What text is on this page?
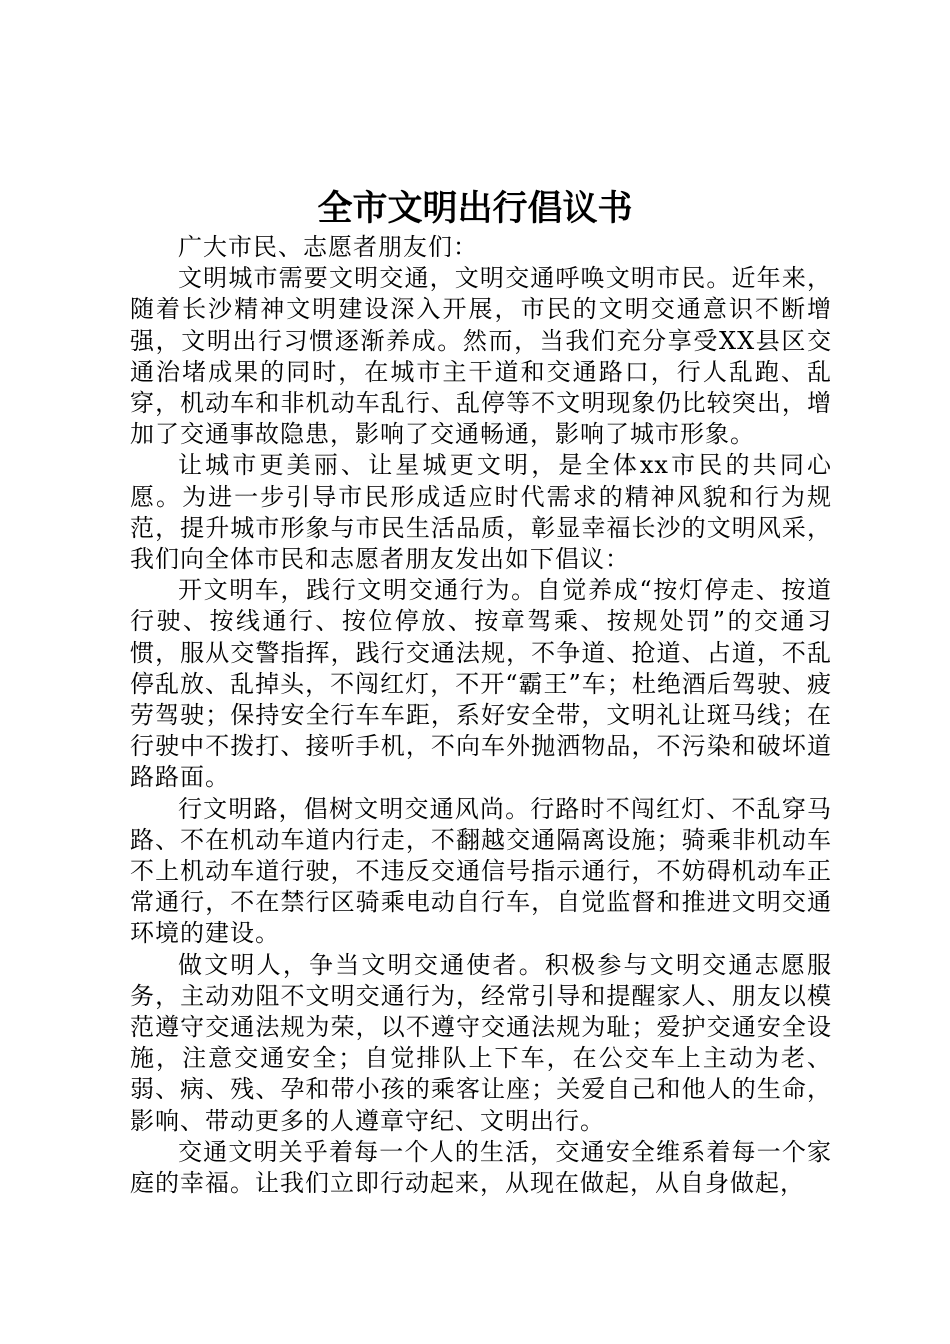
全市文明出行倡议书

广大市民、志愿者朋友们：

文明城市需要文明交通，文明交通呼唤文明市民。近年来，随着长沙精神文明建设深入开展，市民的文明交通意识不断增强，文明出行习惯逐渐养成。然而，当我们充分享受XX县区交通治堵成果的同时，在城市主干道和交通路口，行人乱跑、乱穿，机动车和非机动车乱行、乱停等不文明现象仍比较突出，增加了交通事故隐患，影响了交通畅通，影响了城市形象。

让城市更美丽、让星城更文明，是全体xx市民的共同心愿。为进一步引导市民形成适应时代需求的精神风貌和行为规范，提升城市形象与市民生活品质，彰显幸福长沙的文明风采，我们向全体市民和志愿者朋友发出如下倡议：

开文明车，践行文明交通行为。自觉养成“按灯停走、按道行驶、按线通行、按位停放、按章驾乘、按规处罚”的交通习惯，服从交警指挥，践行交通法规，不争道、抢道、占道，不乱停乱放、乱掉头，不闯红灯，不开“霸王”车；杜绝酒后驾驶、疲劳驾驶；保持安全行车车距，系好安全带，文明礼让斑马线；在行驶中不拨打、接听手机，不向车外抛洒物品，不污染和破坏道路路面。

行文明路，倡树文明交通风尚。行路时不闯红灯、不乱穿马路、不在机动车道内行走，不翻越交通隔离设施；骑乘非机动车不上机动车道行驶，不违反交通信号指示通行，不妨碍机动车正常通行，不在禁行区骑乘电动自行车，自觉监督和推进文明交通环境的建设。

做文明人，争当文明交通使者。积极参与文明交通志愿服务，主动劝阻不文明交通行为，经常引导和提醒家人、朋友以模范遵守交通法规为荣，以不遵守交通法规为耻；爱护交通安全设施，注意交通安全；自觉排队上下车，在公交车上主动为老、弱、病、残、孕和带小孩的乘客让座；关爱自己和他人的生命，影响、带动更多的人遵章守纪、文明出行。

交通文明关乎着每一个人的生活，交通安全维系着每一个家庭的幸福。让我们立即行动起来，从现在做起，从自身做起，
